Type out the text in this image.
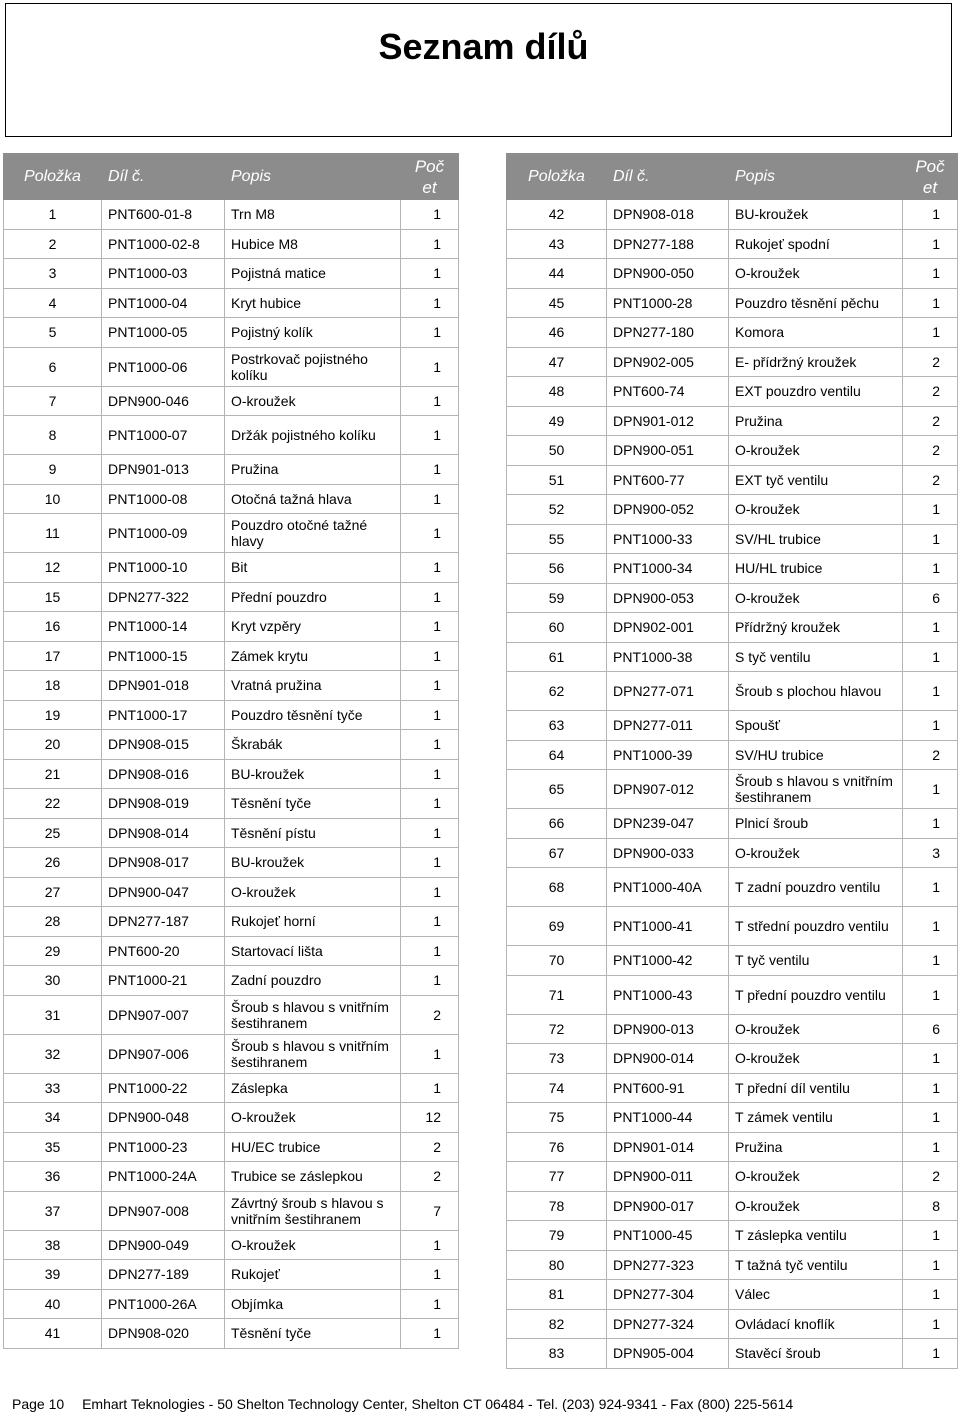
Seznam dílů
Položka	Díl č.	Popis	Poč
et
1	PNT600-01-8	Trn M8	1
2	PNT1000-02-8	Hubice M8	1
3	PNT1000-03	Pojistná matice	1
4	PNT1000-04	Kryt hubice	1
5	PNT1000-05	Pojistný kolík	1
6	PNT1000-06	Postrkovač pojistného kolíku	1
7	DPN900-046	O-kroužek	1
8	PNT1000-07	Držák pojistného kolíku	1
9	DPN901-013	Pružina	1
10	PNT1000-08	Otočná tažná hlava	1
11	PNT1000-09	Pouzdro otočné tažné hlavy	1
12	PNT1000-10	Bit	1
15	DPN277-322	Přední pouzdro	1
16	PNT1000-14	Kryt vzpěry	1
17	PNT1000-15	Zámek krytu	1
18	DPN901-018	Vratná pružina	1
19	PNT1000-17	Pouzdro těsnění tyče	1
20	DPN908-015	Škrabák	1
21	DPN908-016	BU-kroužek	1
22	DPN908-019	Těsnění tyče	1
25	DPN908-014	Těsnění pístu	1
26	DPN908-017	BU-kroužek	1
27	DPN900-047	O-kroužek	1
28	DPN277-187	Rukojeť horní	1
29	PNT600-20	Startovací lišta	1
30	PNT1000-21	Zadní pouzdro	1
31	DPN907-007	Šroub s hlavou s vnitřním šestihranem	2
32	DPN907-006	Šroub s hlavou s vnitřním šestihranem	1
33	PNT1000-22	Záslepka	1
34	DPN900-048	O-kroužek	12
35	PNT1000-23	HU/EC trubice	2
36	PNT1000-24A	Trubice se záslepkou	2
37	DPN907-008	Závrtný šroub s hlavou s vnitřním šestihranem	7
38	DPN900-049	O-kroužek	1
39	DPN277-189	Rukojeť	1
40	PNT1000-26A	Objímka	1
41	DPN908-020	Těsnění tyče	1
Položka	Díl č.	Popis	Poč
et
42	DPN908-018	BU-kroužek	1
43	DPN277-188	Rukojeť spodní	1
44	DPN900-050	O-kroužek	1
45	PNT1000-28	Pouzdro těsnění pěchu	1
46	DPN277-180	Komora	1
47	DPN902-005	E- přídržný kroužek	2
48	PNT600-74	EXT pouzdro ventilu	2
49	DPN901-012	Pružina	2
50	DPN900-051	O-kroužek	2
51	PNT600-77	EXT tyč ventilu	2
52	DPN900-052	O-kroužek	1
55	PNT1000-33	SV/HL trubice	1
56	PNT1000-34	HU/HL trubice	1
59	DPN900-053	O-kroužek	6
60	DPN902-001	Přídržný kroužek	1
61	PNT1000-38	S tyč ventilu	1
62	DPN277-071	Šroub s plochou hlavou	1
63	DPN277-011	Spoušť	1
64	PNT1000-39	SV/HU trubice	2
65	DPN907-012	Šroub s hlavou s vnitřním šestihranem	1
66	DPN239-047	Plnicí šroub	1
67	DPN900-033	O-kroužek	3
68	PNT1000-40A	T zadní pouzdro ventilu	1
69	PNT1000-41	T střední pouzdro ventilu	1
70	PNT1000-42	T tyč ventilu	1
71	PNT1000-43	T přední pouzdro ventilu	1
72	DPN900-013	O-kroužek	6
73	DPN900-014	O-kroužek	1
74	PNT600-91	T přední díl ventilu	1
75	PNT1000-44	T zámek ventilu	1
76	DPN901-014	Pružina	1
77	DPN900-011	O-kroužek	2
78	DPN900-017	O-kroužek	8
79	PNT1000-45	T záslepka ventilu	1
80	DPN277-323	T tažná tyč ventilu	1
81	DPN277-304	Válec	1
82	DPN277-324	Ovládací knoflík	1
83	DPN905-004	Stavěcí šroub	1
Page 10 Emhart Teknologies - 50 Shelton Technology Center, Shelton CT 06484 - Tel. (203) 924-9341 - Fax (800) 225-5614
